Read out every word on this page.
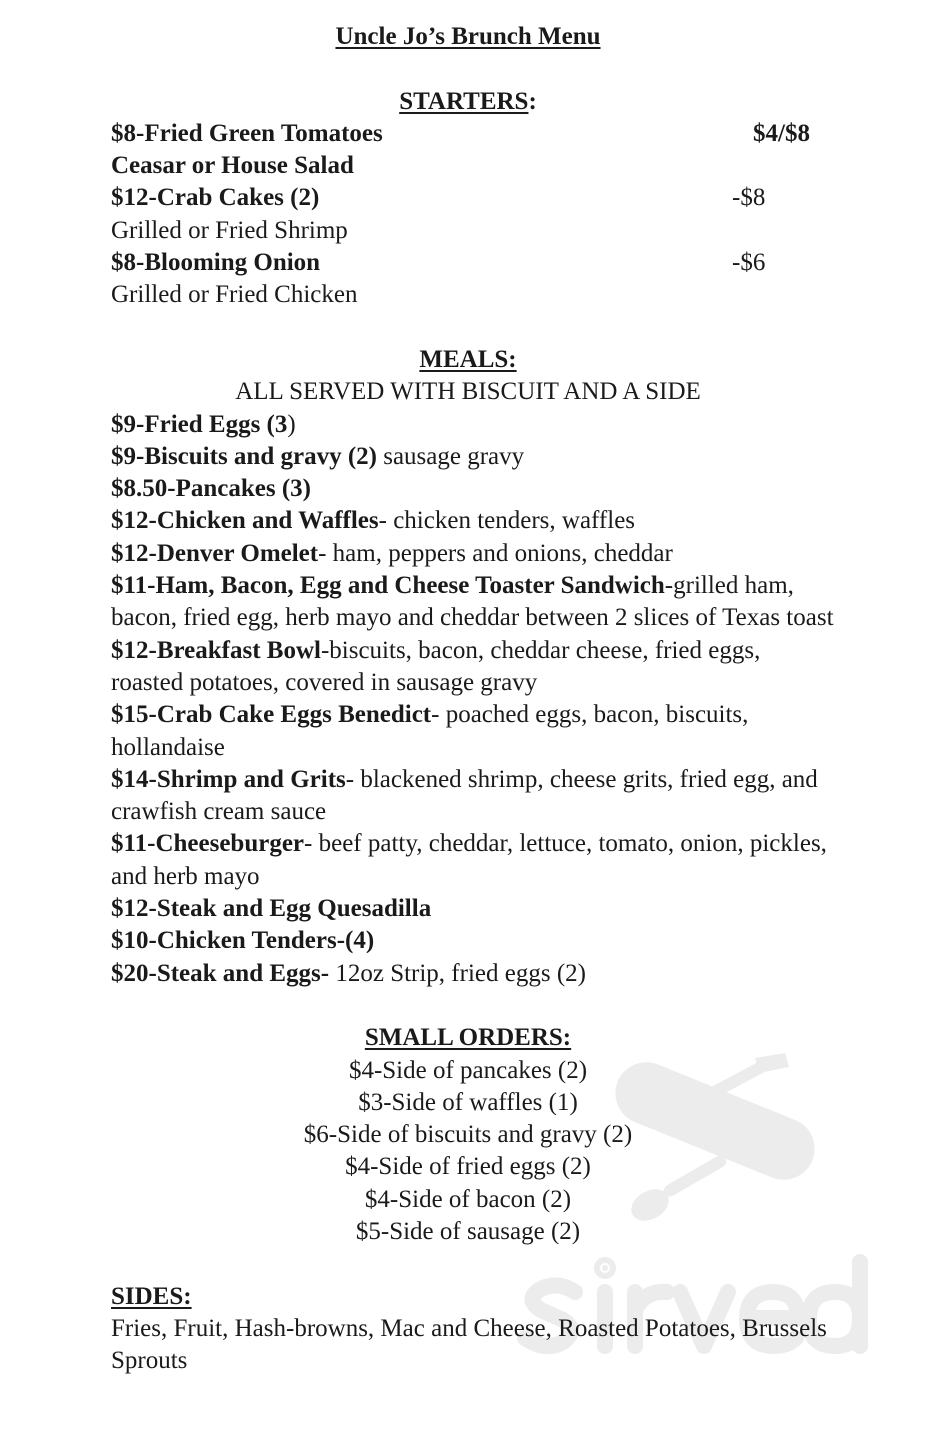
Uncle Jo’s Brunch Menu
STARTERS:
$8-Fried Green Tomatoes	$4/$8
Ceasar or House Salad
$12-Crab Cakes (2)	-$8
Grilled or Fried Shrimp
$8-Blooming Onion	-$6
Grilled or Fried Chicken
MEALS:
ALL SERVED WITH BISCUIT AND A SIDE
$9-Fried Eggs (3)
$9-Biscuits and gravy (2) sausage gravy
$8.50-Pancakes (3)
$12-Chicken and Waffles- chicken tenders, waffles
$12-Denver Omelet- ham, peppers and onions, cheddar
$11-Ham, Bacon, Egg and Cheese Toaster Sandwich-grilled ham, bacon, fried egg, herb mayo and cheddar between 2 slices of Texas toast
$12-Breakfast Bowl-biscuits, bacon, cheddar cheese, fried eggs, roasted potatoes, covered in sausage gravy
$15-Crab Cake Eggs Benedict- poached eggs, bacon, biscuits, hollandaise
$14-Shrimp and Grits- blackened shrimp, cheese grits, fried egg, and crawfish cream sauce
$11-Cheeseburger- beef patty, cheddar, lettuce, tomato, onion, pickles, and herb mayo
$12-Steak and Egg Quesadilla
$10-Chicken Tenders-(4)
$20-Steak and Eggs- 12oz Strip, fried eggs (2)
SMALL ORDERS:
$4-Side of pancakes (2)
$3-Side of waffles (1)
$6-Side of biscuits and gravy (2)
$4-Side of fried eggs (2)
$4-Side of bacon (2)
$5-Side of sausage (2)
SIDES:
Fries, Fruit, Hash-browns, Mac and Cheese, Roasted Potatoes, Brussels Sprouts
